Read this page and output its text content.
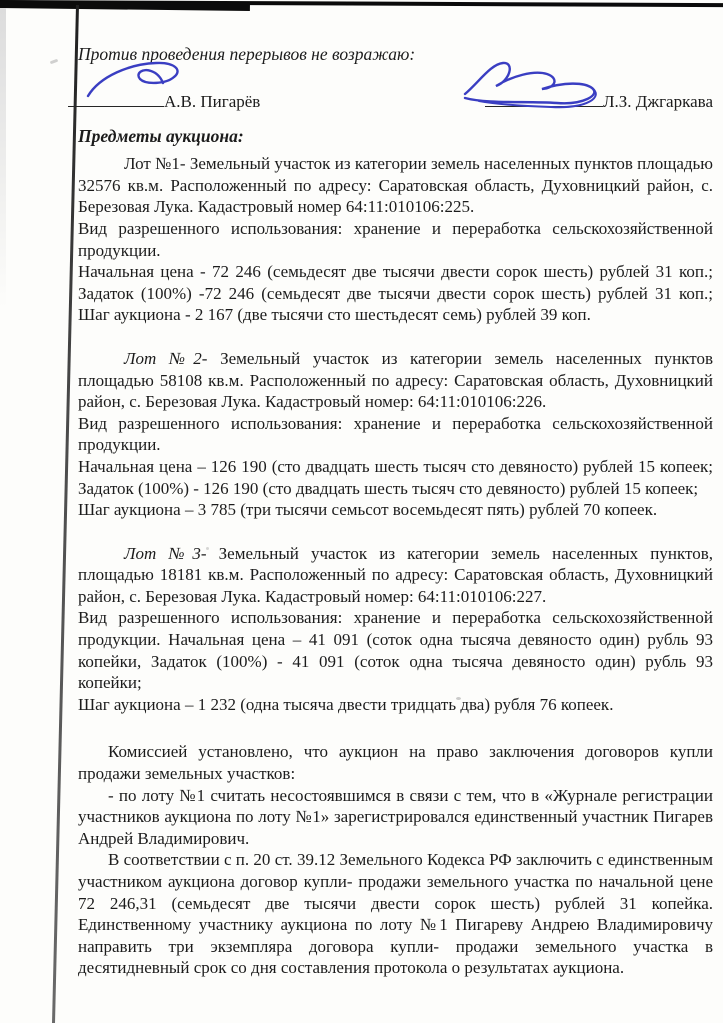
Против проведения перерывов не возражаю:

А.В. Пигарёв	Л.З. Джгаркава

Предметы аукциона:

Лот №1- Земельный участок из категории земель населенных пунктов площадью 32576 кв.м. Расположенный по адресу: Саратовская область, Духовницкий район, с. Березовая Лука. Кадастровый номер 64:11:010106:225.

Вид разрешенного использования: хранение и переработка сельскохозяйственной продукции.

Начальная цена - 72 246 (семьдесят две тысячи двести сорок шесть) рублей 31 коп.;

Задаток (100%) -72 246 (семьдесят две тысячи двести сорок шесть) рублей 31 коп.;

Шаг аукциона - 2 167 (две тысячи сто шестьдесят семь) рублей 39 коп.

Лот №2- Земельный участок из категории земель населенных пунктов площадью 58108 кв.м. Расположенный по адресу: Саратовская область, Духовницкий район, с. Березовая Лука. Кадастровый номер: 64:11:010106:226.

Вид разрешенного использования: хранение и переработка сельскохозяйственной продукции.

Начальная цена – 126 190 (сто двадцать шесть тысяч сто девяносто) рублей 15 копеек; Задаток (100%) - 126 190 (сто двадцать шесть тысяч сто девяносто) рублей 15 копеек;

Шаг аукциона – 3 785 (три тысячи семьсот восемьдесят пять) рублей 70 копеек.

Лот №3- Земельный участок из категории земель населенных пунктов, площадью 18181 кв.м. Расположенный по адресу: Саратовская область, Духовницкий район, с. Березовая Лука. Кадастровый номер: 64:11:010106:227.

Вид разрешенного использования: хранение и переработка сельскохозяйственной продукции. Начальная цена – 41 091 (соток одна тысяча девяносто один) рубль 93 копейки, Задаток (100%) - 41 091 (соток одна тысяча девяносто один) рубль 93 копейки;

Шаг аукциона – 1 232 (одна тысяча двести тридцать два) рубля 76 копеек.

Комиссией установлено, что аукцион на право заключения договоров купли продажи земельных участков:

- по лоту №1 считать несостоявшимся в связи с тем, что в «Журнале регистрации участников аукциона по лоту №1» зарегистрировался единственный участник Пигарев Андрей Владимирович.

В соответствии с п. 20 ст. 39.12 Земельного Кодекса РФ заключить с единственным участником аукциона договор купли- продажи земельного участка по начальной цене 72 246,31 (семьдесят две тысячи двести сорок шесть) рублей 31 копейка. Единственному участнику аукциона по лоту №1 Пигареву Андрею Владимировичу направить три экземпляра договора купли- продажи земельного участка в десятидневный срок со дня составления протокола о результатах аукциона.
